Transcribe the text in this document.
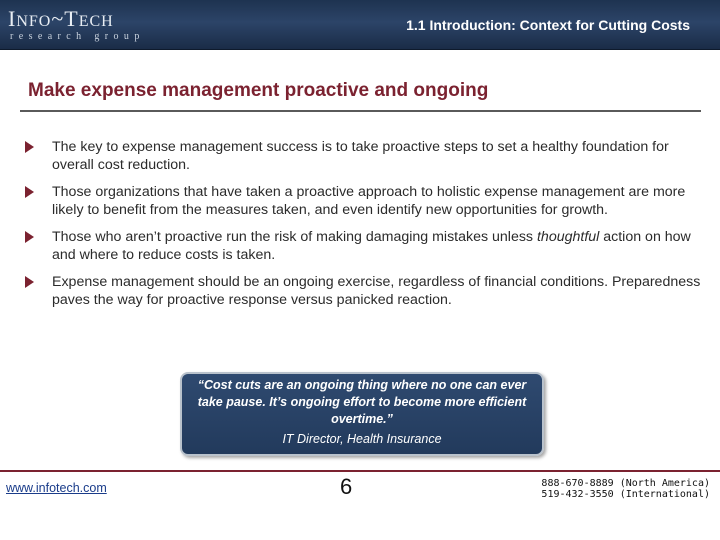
INFO~TECH
research group
1.1 Introduction: Context for Cutting Costs
Make expense management proactive and ongoing
The key to expense management success is to take proactive steps to set a healthy foundation for overall cost reduction.
Those organizations that have taken a proactive approach to holistic expense management are more likely to benefit from the measures taken, and even identify new opportunities for growth.
Those who aren’t proactive run the risk of making damaging mistakes unless thoughtful action on how and where to reduce costs is taken.
Expense management should be an ongoing exercise, regardless of financial conditions. Preparedness paves the way for proactive response versus panicked reaction.
“Cost cuts are an ongoing thing where no one can ever take pause. It’s ongoing effort to become more efficient overtime.”
IT Director, Health Insurance
www.infotech.com	6	888-670-8889 (North America)
519-432-3550 (International)
